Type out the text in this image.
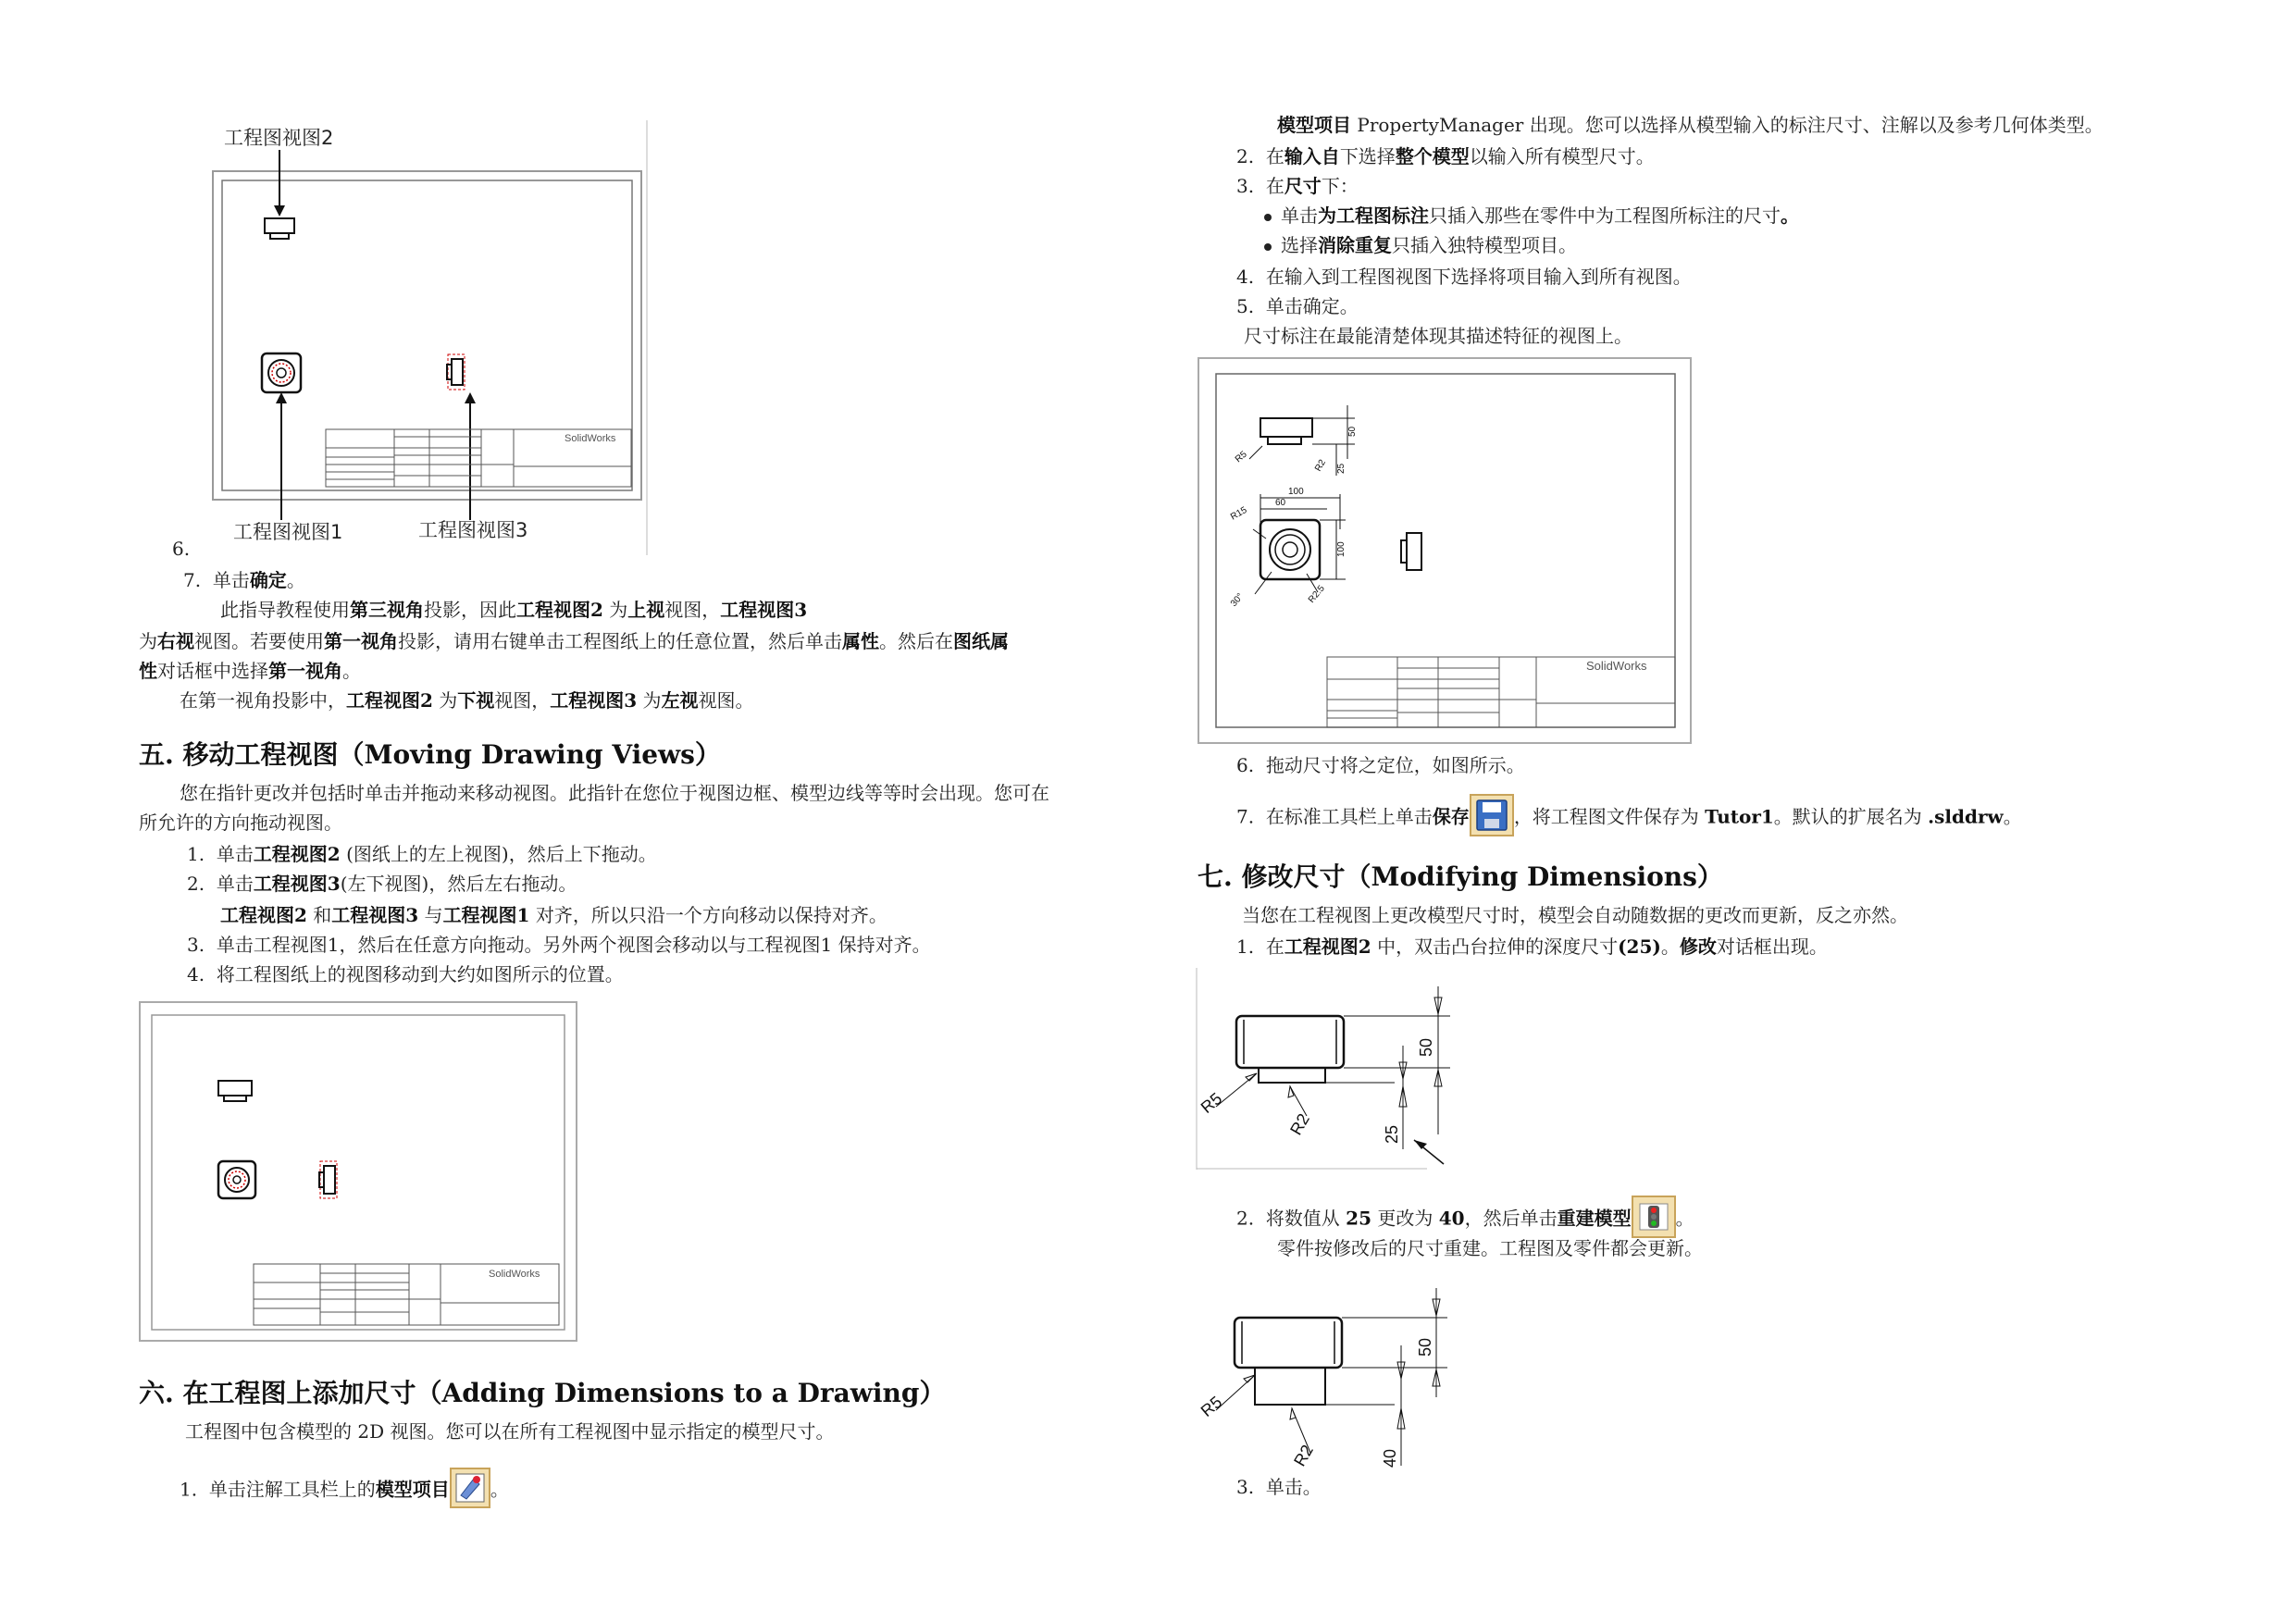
工程图视图2
SolidWorks
工程图视图1	工程图视图3
6.
7. 单击确定。
此指导教程使用第三视角投影，因此工程视图2 为上视视图，工程视图3
为右视视图。若要使用第一视角投影，请用右键单击工程图纸上的任意位置，然后单击属性。然后在图纸属
性对话框中选择第一视角。
在第一视角投影中，工程视图2 为下视视图，工程视图3 为左视视图。
五. 移动工程视图（Moving Drawing Views）
您在指针更改并包括时单击并拖动来移动视图。此指针在您位于视图边框、模型边线等等时会出现。您可在
所允许的方向拖动视图。
1. 单击工程视图2 (图纸上的左上视图)，然后上下拖动。
2. 单击工程视图3(左下视图)，然后左右拖动。
工程视图2 和工程视图3 与工程视图1 对齐，所以只沿一个方向移动以保持对齐。
3. 单击工程视图1，然后在任意方向拖动。另外两个视图会移动以与工程视图1 保持对齐。
4. 将工程图纸上的视图移动到大约如图所示的位置。
SolidWorks
六. 在工程图上添加尺寸（Adding Dimensions to a Drawing）
工程图中包含模型的 2D 视图。您可以在所有工程视图中显示指定的模型尺寸。
1. 单击注解工具栏上的模型项目 。
模型项目 PropertyManager 出现。您可以选择从模型输入的标注尺寸、注解以及参考几何体类型。
2. 在输入自下选择整个模型以输入所有模型尺寸。
3. 在尺寸下：
单击为工程图标注只插入那些在零件中为工程图所标注的尺寸。
选择消除重复只插入独特模型项目。
4. 在输入到工程图视图下选择将项目输入到所有视图。
5. 单击确定。
尺寸标注在最能清楚体现其描述特征的视图上。
50
25
R5
R2
100
60
100
R15
30°	R2.5
SolidWorks
6. 拖动尺寸将之定位，如图所示。
7. 在标准工具栏上单击保存 ，将工程图文件保存为 Tutor1。默认的扩展名为 .slddrw。
七. 修改尺寸（Modifying Dimensions）
当您在工程视图上更改模型尺寸时，模型会自动随数据的更改而更新，反之亦然。
1. 在工程视图2 中，双击凸台拉伸的深度尺寸(25)。修改对话框出现。
50
25
R5
R2
2. 将数值从 25 更改为 40，然后单击重建模型 。
零件按修改后的尺寸重建。工程图及零件都会更新。
50
40
R5
R2
3. 单击。
